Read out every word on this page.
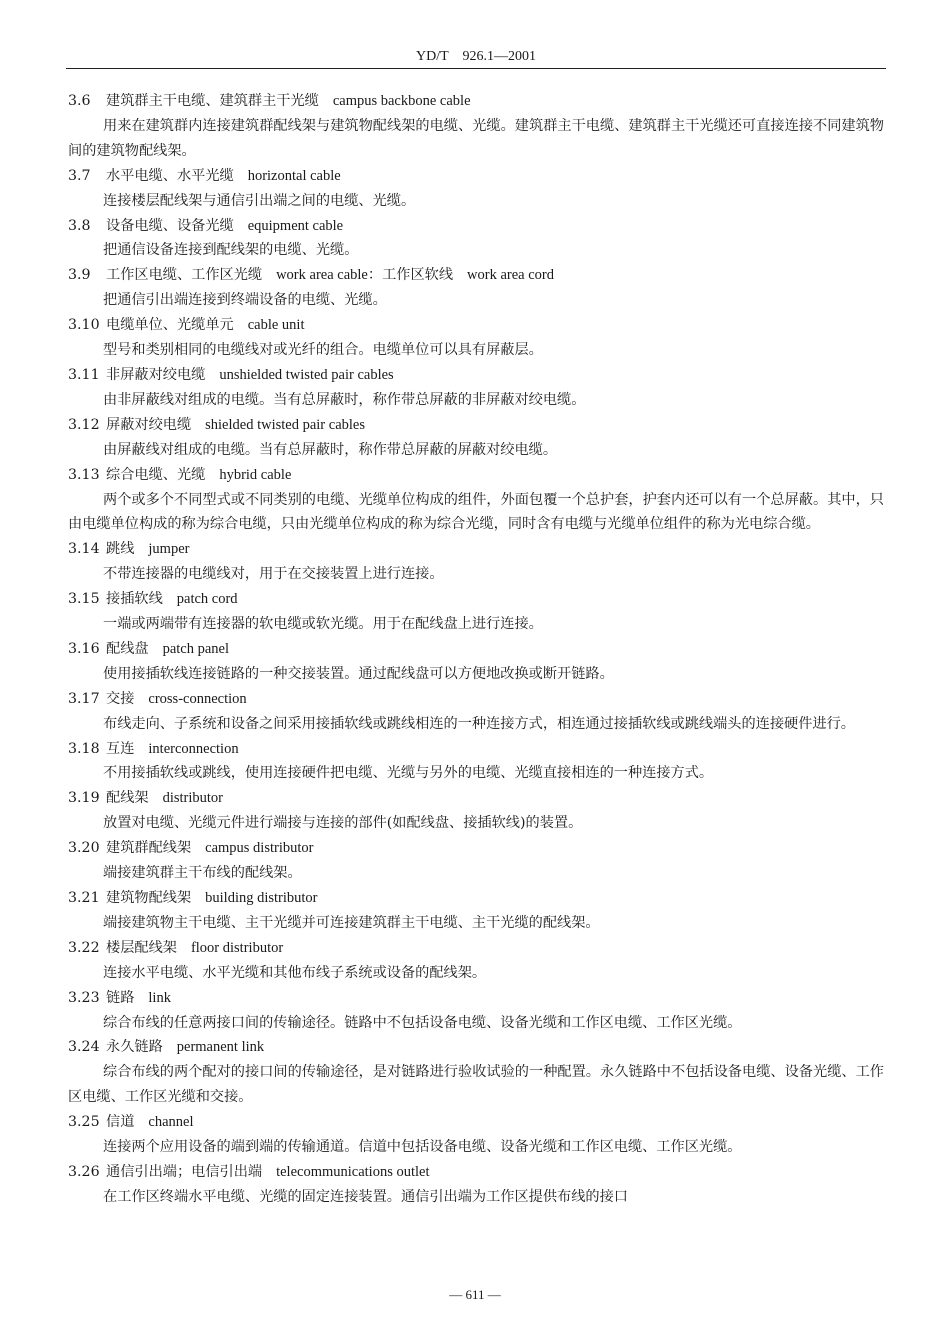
YD/T　926.1—2001

3.6 建筑群主干电缆、建筑群主干光缆 campus backbone cable

用来在建筑群内连接建筑群配线架与建筑物配线架的电缆、光缆。建筑群主干电缆、建筑群主干光缆还可直接连接不同建筑物间的建筑物配线架。

3.7 水平电缆、水平光缆 horizontal cable

连接楼层配线架与通信引出端之间的电缆、光缆。

3.8 设备电缆、设备光缆 equipment cable

把通信设备连接到配线架的电缆、光缆。

3.9 工作区电缆、工作区光缆 work area cable：工作区软线 work area cord

把通信引出端连接到终端设备的电缆、光缆。

3.10 电缆单位、光缆单元 cable unit

型号和类别相同的电缆线对或光纤的组合。电缆单位可以具有屏蔽层。

3.11 非屏蔽对绞电缆 unshielded twisted pair cables

由非屏蔽线对组成的电缆。当有总屏蔽时，称作带总屏蔽的非屏蔽对绞电缆。

3.12 屏蔽对绞电缆 shielded twisted pair cables

由屏蔽线对组成的电缆。当有总屏蔽时，称作带总屏蔽的屏蔽对绞电缆。

3.13 综合电缆、光缆 hybrid cable

两个或多个不同型式或不同类别的电缆、光缆单位构成的组件，外面包覆一个总护套，护套内还可以有一个总屏蔽。其中，只由电缆单位构成的称为综合电缆，只由光缆单位构成的称为综合光缆，同时含有电缆与光缆单位组件的称为光电综合缆。

3.14 跳线 jumper

不带连接器的电缆线对，用于在交接装置上进行连接。

3.15 接插软线 patch cord

一端或两端带有连接器的软电缆或软光缆。用于在配线盘上进行连接。

3.16 配线盘 patch panel

使用接插软线连接链路的一种交接装置。通过配线盘可以方便地改换或断开链路。

3.17 交接 cross-connection

布线走向、子系统和设备之间采用接插软线或跳线相连的一种连接方式，相连通过接插软线或跳线端头的连接硬件进行。

3.18 互连 interconnection

不用接插软线或跳线，使用连接硬件把电缆、光缆与另外的电缆、光缆直接相连的一种连接方式。

3.19 配线架 distributor

放置对电缆、光缆元件进行端接与连接的部件(如配线盘、接插软线)的装置。

3.20 建筑群配线架 campus distributor

端接建筑群主干布线的配线架。

3.21 建筑物配线架 building distributor

端接建筑物主干电缆、主干光缆并可连接建筑群主干电缆、主干光缆的配线架。

3.22 楼层配线架 floor distributor

连接水平电缆、水平光缆和其他布线子系统或设备的配线架。

3.23 链路 link

综合布线的任意两接口间的传输途径。链路中不包括设备电缆、设备光缆和工作区电缆、工作区光缆。

3.24 永久链路 permanent link

综合布线的两个配对的接口间的传输途径，是对链路进行验收试验的一种配置。永久链路中不包括设备电缆、设备光缆、工作区电缆、工作区光缆和交接。

3.25 信道 channel

连接两个应用设备的端到端的传输通道。信道中包括设备电缆、设备光缆和工作区电缆、工作区光缆。

3.26 通信引出端；电信引出端 telecommunications outlet

在工作区终端水平电缆、光缆的固定连接装置。通信引出端为工作区提供布线的接口

— 611 —
